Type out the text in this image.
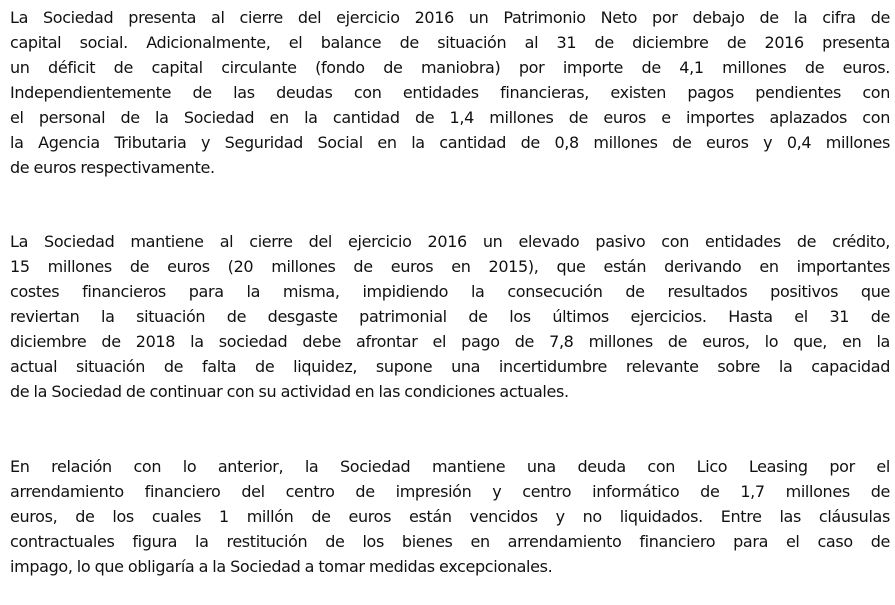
La Sociedad presenta al cierre del ejercicio 2016 un Patrimonio Neto por debajo de la cifra de
capital social. Adicionalmente, el balance de situación al 31 de diciembre de 2016 presenta
un déficit de capital circulante (fondo de maniobra) por importe de 4,1 millones de euros.
Independientemente de las deudas con entidades financieras, existen pagos pendientes con
el personal de la Sociedad en la cantidad de 1,4 millones de euros e importes aplazados con
la Agencia Tributaria y Seguridad Social en la cantidad de 0,8 millones de euros y 0,4 millones
de euros respectivamente.
La Sociedad mantiene al cierre del ejercicio 2016 un elevado pasivo con entidades de crédito,
15 millones de euros (20 millones de euros en 2015), que están derivando en importantes
costes financieros para la misma, impidiendo la consecución de resultados positivos que
reviertan la situación de desgaste patrimonial de los últimos ejercicios. Hasta el 31 de
diciembre de 2018 la sociedad debe afrontar el pago de 7,8 millones de euros, lo que, en la
actual situación de falta de liquidez, supone una incertidumbre relevante sobre la capacidad
de la Sociedad de continuar con su actividad en las condiciones actuales.
En relación con lo anterior, la Sociedad mantiene una deuda con Lico Leasing por el
arrendamiento financiero del centro de impresión y centro informático de 1,7 millones de
euros, de los cuales 1 millón de euros están vencidos y no liquidados. Entre las cláusulas
contractuales figura la restitución de los bienes en arrendamiento financiero para el caso de
impago, lo que obligaría a la Sociedad a tomar medidas excepcionales.
